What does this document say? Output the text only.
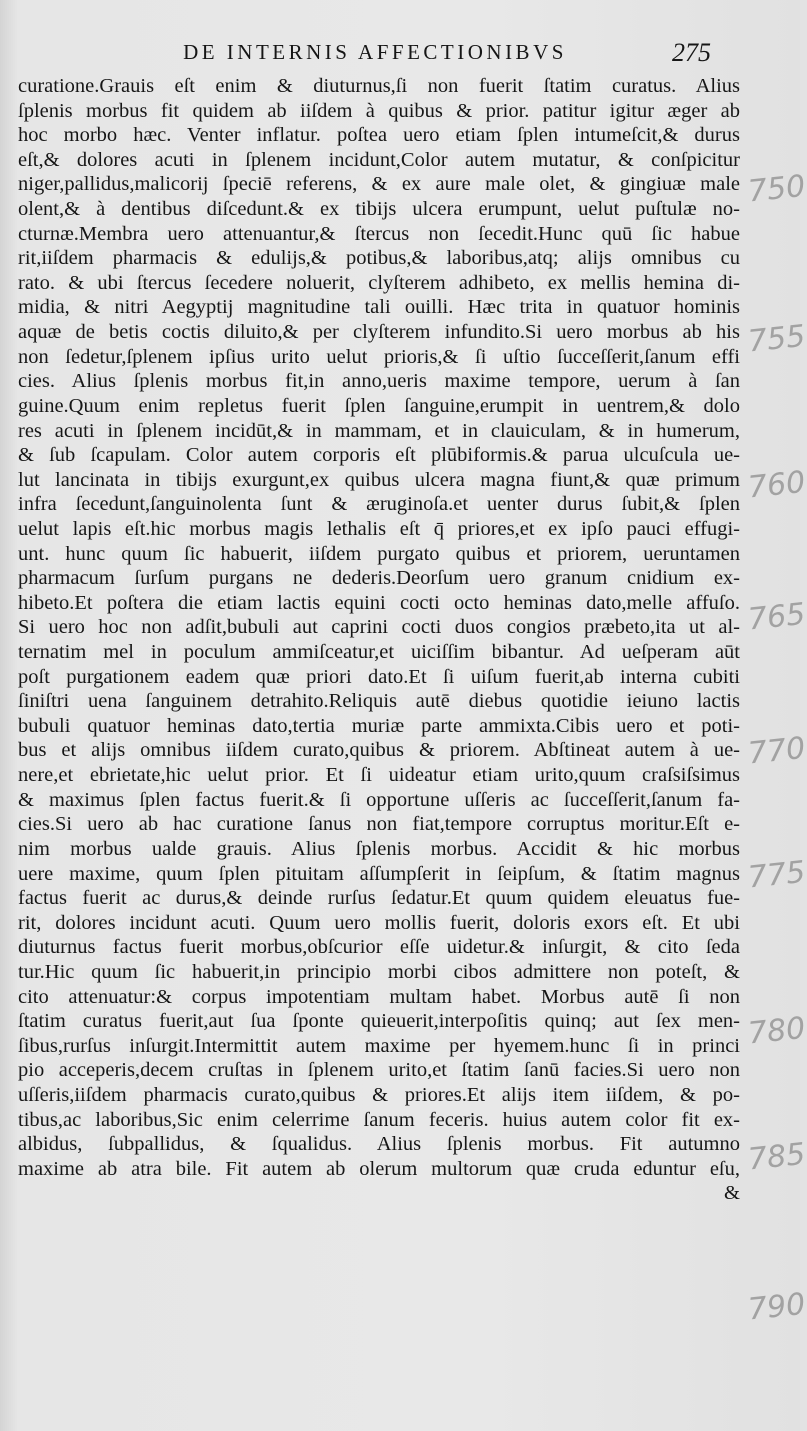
DE INTERNIS AFFECTIONIBVS	275
curatione.Grauis eſt enim & diuturnus,ſi non fuerit ſtatim curatus. Alius
ſplenis morbus fit quidem ab iiſdem à quibus & prior. patitur igitur æger ab
hoc morbo hæc. Venter inflatur. poſtea uero etiam ſplen intumeſcit,& durus
eſt,& dolores acuti in ſplenem incidunt,Color autem mutatur, & conſpicitur
niger,pallidus,malicorij ſpeciē referens, & ex aure male olet, & gingiuæ male
olent,& à dentibus diſcedunt.& ex tibijs ulcera erumpunt, uelut puſtulæ no-
cturnæ.Membra uero attenuantur,& ſtercus non ſecedit.Hunc quū ſic habue
rit,iiſdem pharmacis & edulijs,& potibus,& laboribus,atq; alijs omnibus cu
rato. & ubi ſtercus ſecedere noluerit, clyſterem adhibeto, ex mellis hemina di-
midia, & nitri Aegyptij magnitudine tali ouilli. Hæc trita in quatuor hominis
aquæ de betis coctis diluito,& per clyſterem infundito.Si uero morbus ab his
non ſedetur,ſplenem ipſius urito uelut prioris,& ſi uſtio ſucceſſerit,ſanum effi
cies. Alius ſplenis morbus fit,in anno,ueris maxime tempore, uerum à ſan
guine.Quum enim repletus fuerit ſplen ſanguine,erumpit in uentrem,& dolo
res acuti in ſplenem incidūt,& in mammam, et in clauiculam, & in humerum,
& ſub ſcapulam. Color autem corporis eſt plūbiformis.& parua ulcuſcula ue-
lut lancinata in tibijs exurgunt,ex quibus ulcera magna fiunt,& quæ primum
infra ſecedunt,ſanguinolenta ſunt & æruginoſa.et uenter durus ſubit,& ſplen
uelut lapis eſt.hic morbus magis lethalis eſt q̄ priores,et ex ipſo pauci effugi-
unt. hunc quum ſic habuerit, iiſdem purgato quibus et priorem, ueruntamen
pharmacum ſurſum purgans ne dederis.Deorſum uero granum cnidium ex-
hibeto.Et poſtera die etiam lactis equini cocti octo heminas dato,melle affuſo.
Si uero hoc non adſit,bubuli aut caprini cocti duos congios præbeto,ita ut al-
ternatim mel in poculum ammiſceatur,et uiciſſim bibantur. Ad ueſperam aūt
poſt purgationem eadem quæ priori dato.Et ſi uiſum fuerit,ab interna cubiti
ſiniſtri uena ſanguinem detrahito.Reliquis autē diebus quotidie ieiuno lactis
bubuli quatuor heminas dato,tertia muriæ parte ammixta.Cibis uero et poti-
bus et alijs omnibus iiſdem curato,quibus & priorem. Abſtineat autem à ue-
nere,et ebrietate,hic uelut prior. Et ſi uideatur etiam urito,quum craſsiſsimus
& maximus ſplen factus fuerit.& ſi opportune uſſeris ac ſucceſſerit,ſanum fa-
cies.Si uero ab hac curatione ſanus non fiat,tempore corruptus moritur.Eſt e-
nim morbus ualde grauis. Alius ſplenis morbus. Accidit & hic morbus
uere maxime, quum ſplen pituitam aſſumpſerit in ſeipſum, & ſtatim magnus
factus fuerit ac durus,& deinde rurſus ſedatur.Et quum quidem eleuatus fue-
rit, dolores incidunt acuti. Quum uero mollis fuerit, doloris exors eſt. Et ubi
diuturnus factus fuerit morbus,obſcurior eſſe uidetur.& inſurgit, & cito ſeda
tur.Hic quum ſic habuerit,in principio morbi cibos admittere non poteſt, &
cito attenuatur:& corpus impotentiam multam habet. Morbus autē ſi non
ſtatim curatus fuerit,aut ſua ſponte quieuerit,interpoſitis quinq; aut ſex men-
ſibus,rurſus inſurgit.Intermittit autem maxime per hyemem.hunc ſi in princi
pio acceperis,decem cruſtas in ſplenem urito,et ſtatim ſanū facies.Si uero non
uſſeris,iiſdem pharmacis curato,quibus & priores.Et alijs item iiſdem, & po-
tibus,ac laboribus,Sic enim celerrime ſanum feceris. huius autem color fit ex-
albidus, ſubpallidus, & ſqualidus. Alius ſplenis morbus. Fit autumno
maxime ab atra bile. Fit autem ab olerum multorum quæ cruda eduntur eſu,
&
750
755
760
765
770
775
780
785
790
